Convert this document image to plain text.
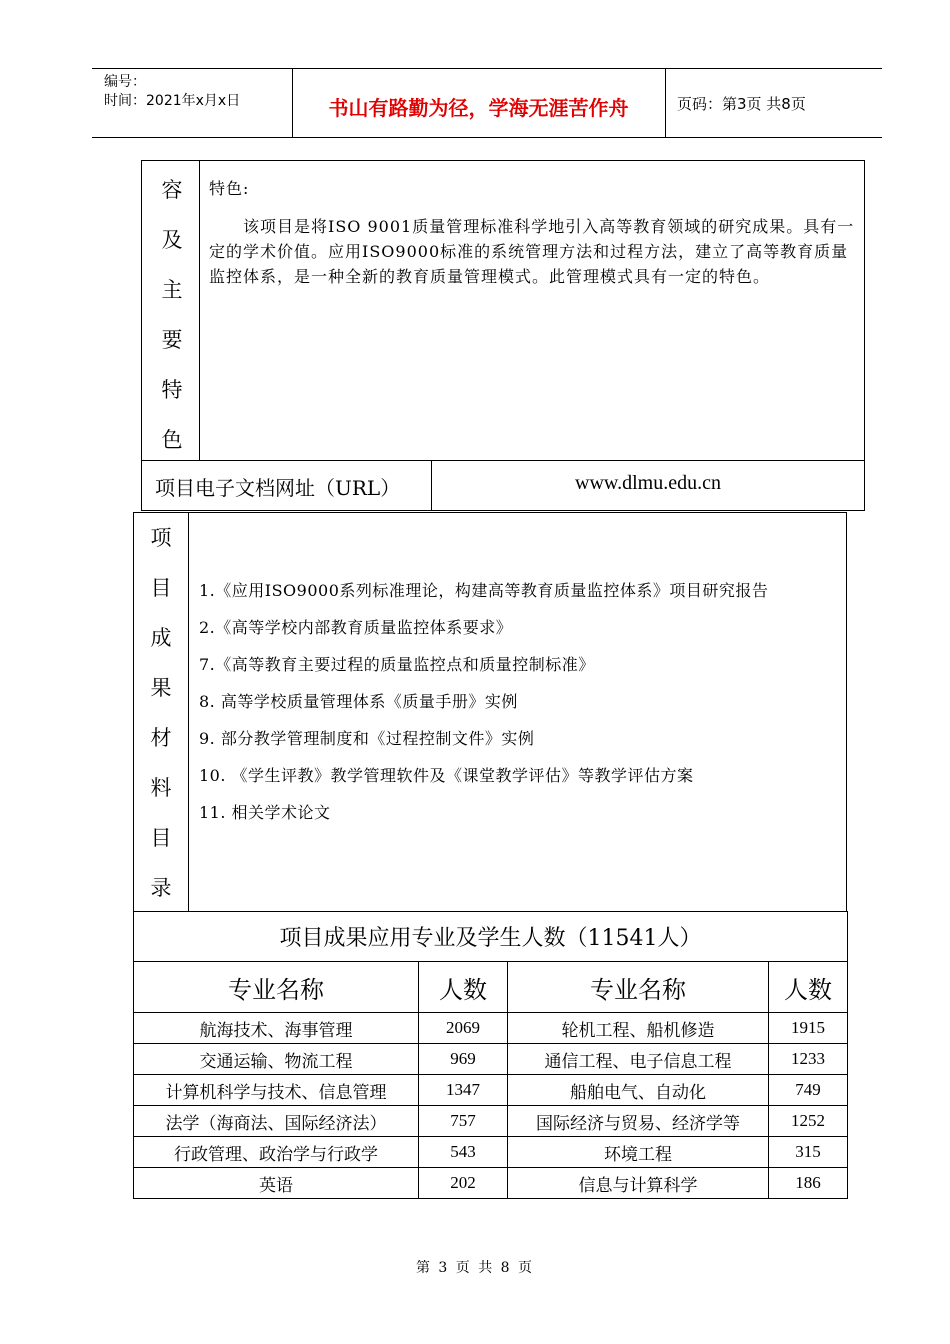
编号：
时间：2021年x月x日	书山有路勤为径，学海无涯苦作舟	页码：第3页 共8页
容
及
主
要
特
色
特色:
该项目是将ISO 9001质量管理标准科学地引入高等教育领域的研究成果。具有一定的学术价值。应用ISO9000标准的系统管理方法和过程方法，建立了高等教育质量监控体系，是一种全新的教育质量管理模式。此管理模式具有一定的特色。
项目电子文档网址（URL）	www.dlmu.edu.cn
项
目
成
果
材
料
目
录
1.《应用ISO9000系列标准理论，构建高等教育质量监控体系》项目研究报告
2.《高等学校内部教育质量监控体系要求》
7.《高等教育主要过程的质量监控点和质量控制标准》
8. 高等学校质量管理体系《质量手册》实例
9. 部分教学管理制度和《过程控制文件》实例
10. 《学生评教》教学管理软件及《课堂教学评估》等教学评估方案
11. 相关学术论文
项目成果应用专业及学生人数（11541人）			
专业名称	人数	专业名称	人数
航海技术、海事管理	2069	轮机工程、船机修造	1915
交通运输、物流工程	969	通信工程、电子信息工程	1233
计算机科学与技术、信息管理	1347	船舶电气、自动化	749
法学（海商法、国际经济法）	757	国际经济与贸易、经济学等	1252
行政管理、政治学与行政学	543	环境工程	315
英语	202	信息与计算科学	186
第 3 页 共 8 页
